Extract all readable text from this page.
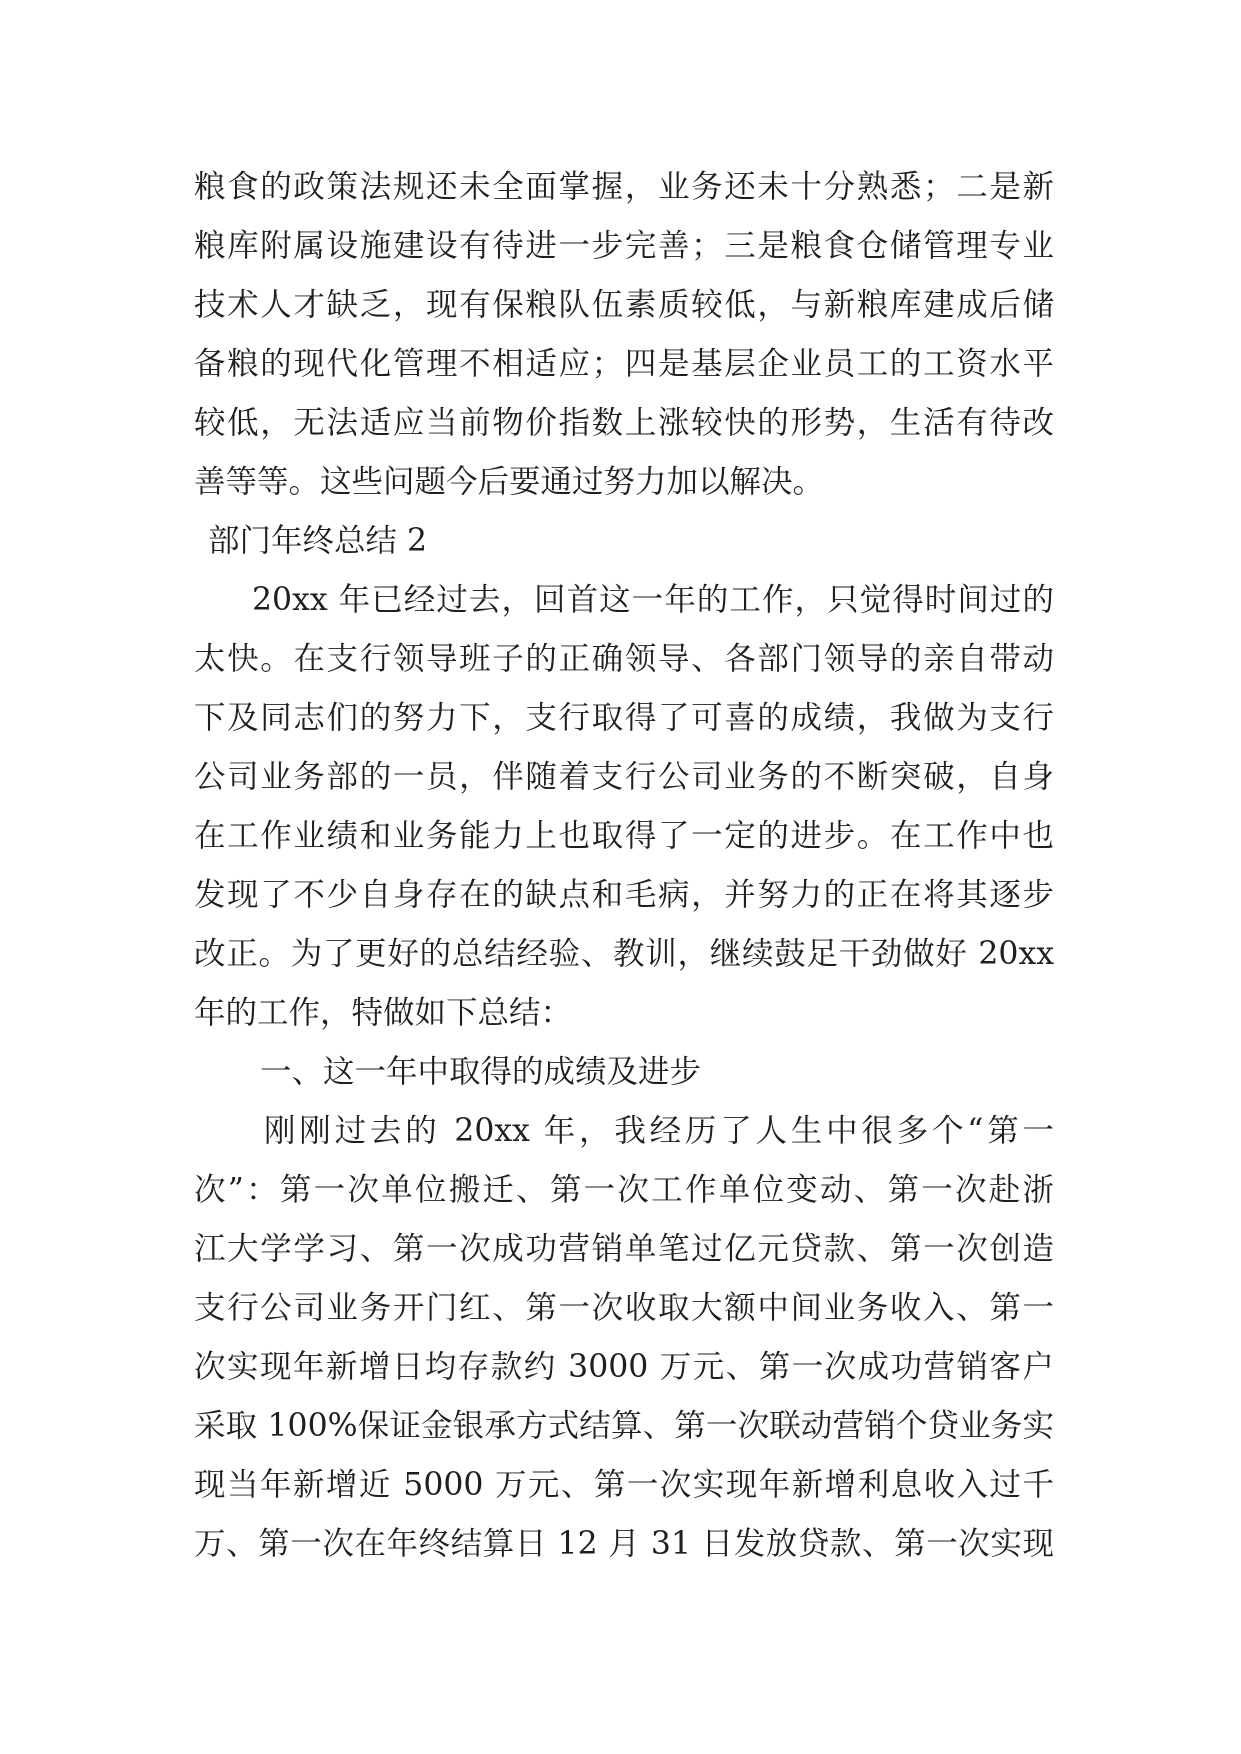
粮食的政策法规还未全面掌握，业务还未十分熟悉；二是新
粮库附属设施建设有待进一步完善；三是粮食仓储管理专业
技术人才缺乏，现有保粮队伍素质较低，与新粮库建成后储
备粮的现代化管理不相适应；四是基层企业员工的工资水平
较低，无法适应当前物价指数上涨较快的形势，生活有待改
善等等。这些问题今后要通过努力加以解决。
部门年终总结 2
20xx 年已经过去，回首这一年的工作，只觉得时间过的
太快。在支行领导班子的正确领导、各部门领导的亲自带动
下及同志们的努力下，支行取得了可喜的成绩，我做为支行
公司业务部的一员，伴随着支行公司业务的不断突破，自身
在工作业绩和业务能力上也取得了一定的进步。在工作中也
发现了不少自身存在的缺点和毛病，并努力的正在将其逐步
改正。为了更好的总结经验、教训，继续鼓足干劲做好 20xx
年的工作，特做如下总结：
一、这一年中取得的成绩及进步
刚刚过去的 20xx 年，我经历了人生中很多个“第一
次”：第一次单位搬迁、第一次工作单位变动、第一次赴浙
江大学学习、第一次成功营销单笔过亿元贷款、第一次创造
支行公司业务开门红、第一次收取大额中间业务收入、第一
次实现年新增日均存款约 3000 万元、第一次成功营销客户
采取 100%保证金银承方式结算、第一次联动营销个贷业务实
现当年新增近 5000 万元、第一次实现年新增利息收入过千
万、第一次在年终结算日 12 月 31 日发放贷款、第一次实现
